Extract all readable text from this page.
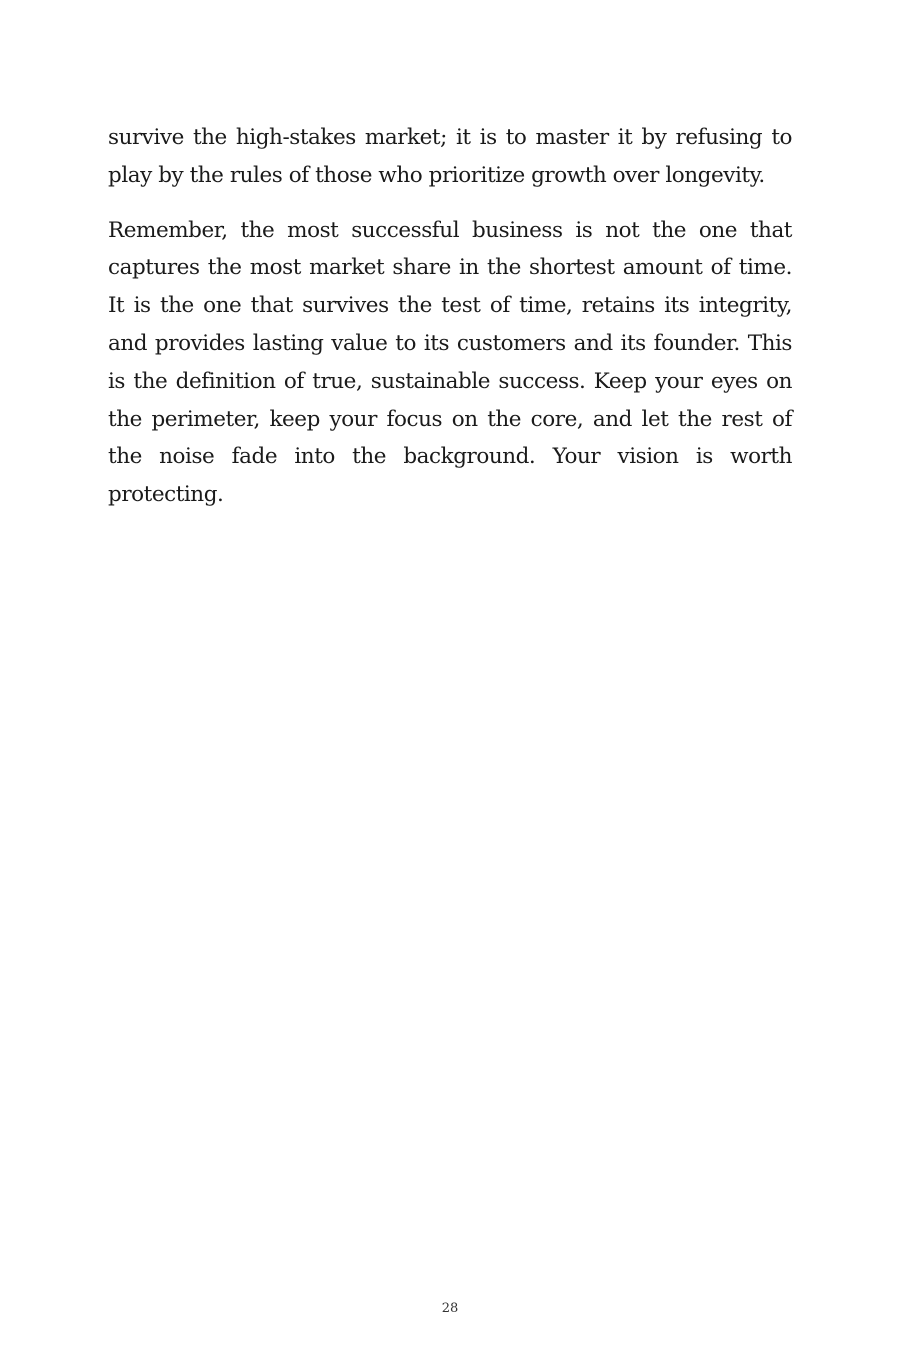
survive the high-stakes market; it is to master it by refusing to play by the rules of those who prioritize growth over longevity.

Remember, the most successful business is not the one that captures the most market share in the shortest amount of time. It is the one that survives the test of time, retains its integrity, and provides lasting value to its customers and its founder. This is the definition of true, sustainable success. Keep your eyes on the perimeter, keep your focus on the core, and let the rest of the noise fade into the background. Your vision is worth protecting.

28
